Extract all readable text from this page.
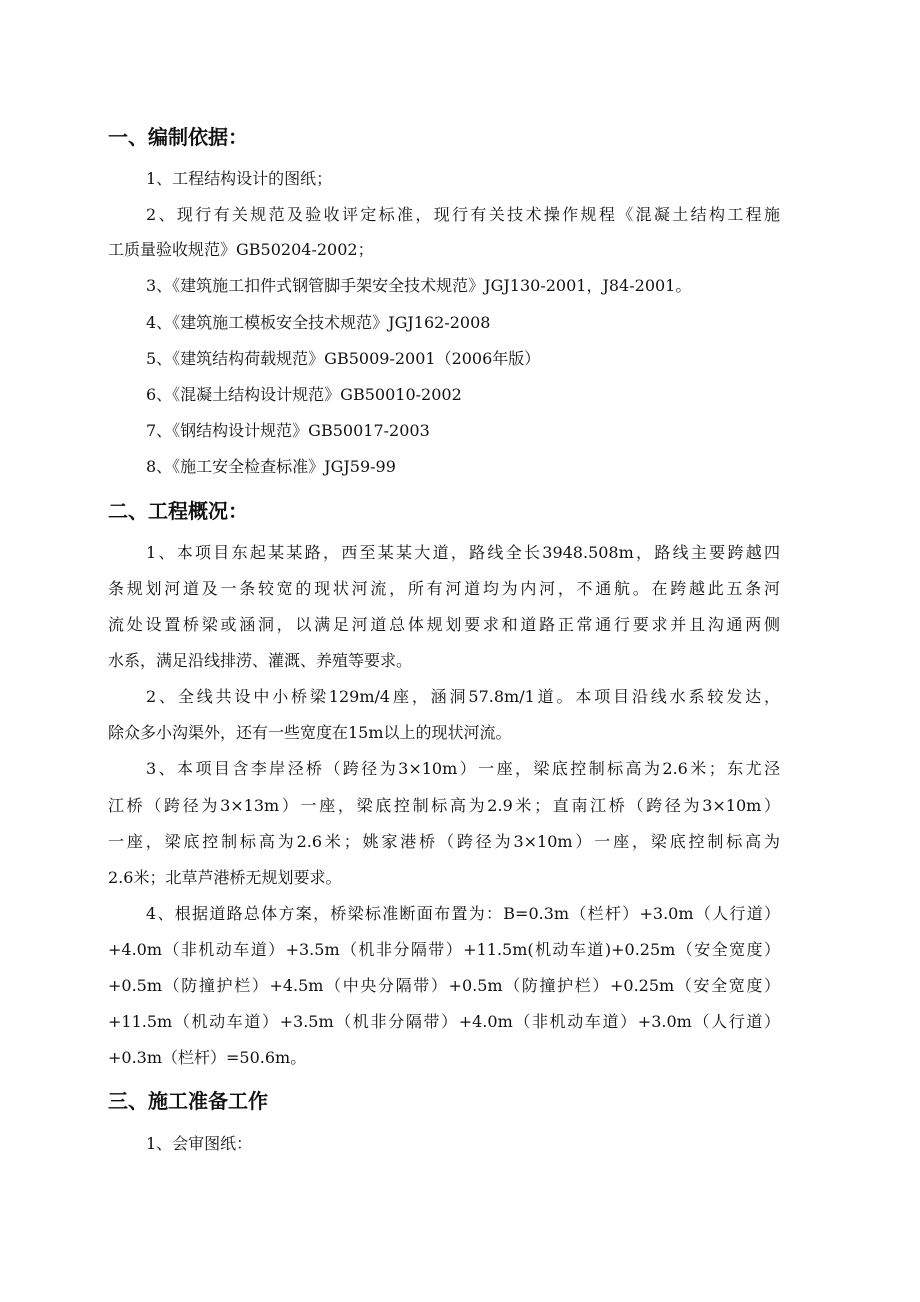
一、编制依据：

1、工程结构设计的图纸；

2、现行有关规范及验收评定标准，现行有关技术操作规程《混凝土结构工程施

工质量验收规范》GB50204-2002；

3、《建筑施工扣件式钢管脚手架安全技术规范》JGJ130-2001，J84-2001。

4、《建筑施工模板安全技术规范》JGJ162-2008

5、《建筑结构荷载规范》GB5009-2001（2006年版）

6、《混凝土结构设计规范》GB50010-2002

7、《钢结构设计规范》GB50017-2003

8、《施工安全检查标准》JGJ59-99

二、工程概况：

1、本项目东起某某路，西至某某大道，路线全长3948.508m，路线主要跨越四

条规划河道及一条较宽的现状河流，所有河道均为内河，不通航。在跨越此五条河

流处设置桥梁或涵洞，以满足河道总体规划要求和道路正常通行要求并且沟通两侧

水系，满足沿线排涝、灌溉、养殖等要求。

2、全线共设中小桥梁129m/4座，涵洞57.8m/1道。本项目沿线水系较发达，

除众多小沟渠外，还有一些宽度在15m以上的现状河流。

3、本项目含李岸泾桥（跨径为3×10m）一座，梁底控制标高为2.6米；东尤泾

江桥（跨径为3×13m）一座，梁底控制标高为2.9米；直南江桥（跨径为3×10m）

一座，梁底控制标高为2.6米；姚家港桥（跨径为3×10m）一座，梁底控制标高为

2.6米；北草芦港桥无规划要求。

4、根据道路总体方案，桥梁标准断面布置为：B=0.3m（栏杆）+3.0m（人行道）

+4.0m（非机动车道）+3.5m（机非分隔带）+11.5m(机动车道)+0.25m（安全宽度）

+0.5m（防撞护栏）+4.5m（中央分隔带）+0.5m（防撞护栏）+0.25m（安全宽度）

+11.5m（机动车道）+3.5m（机非分隔带）+4.0m（非机动车道）+3.0m（人行道）

+0.3m（栏杆）=50.6m。

三、施工准备工作

1、会审图纸：
